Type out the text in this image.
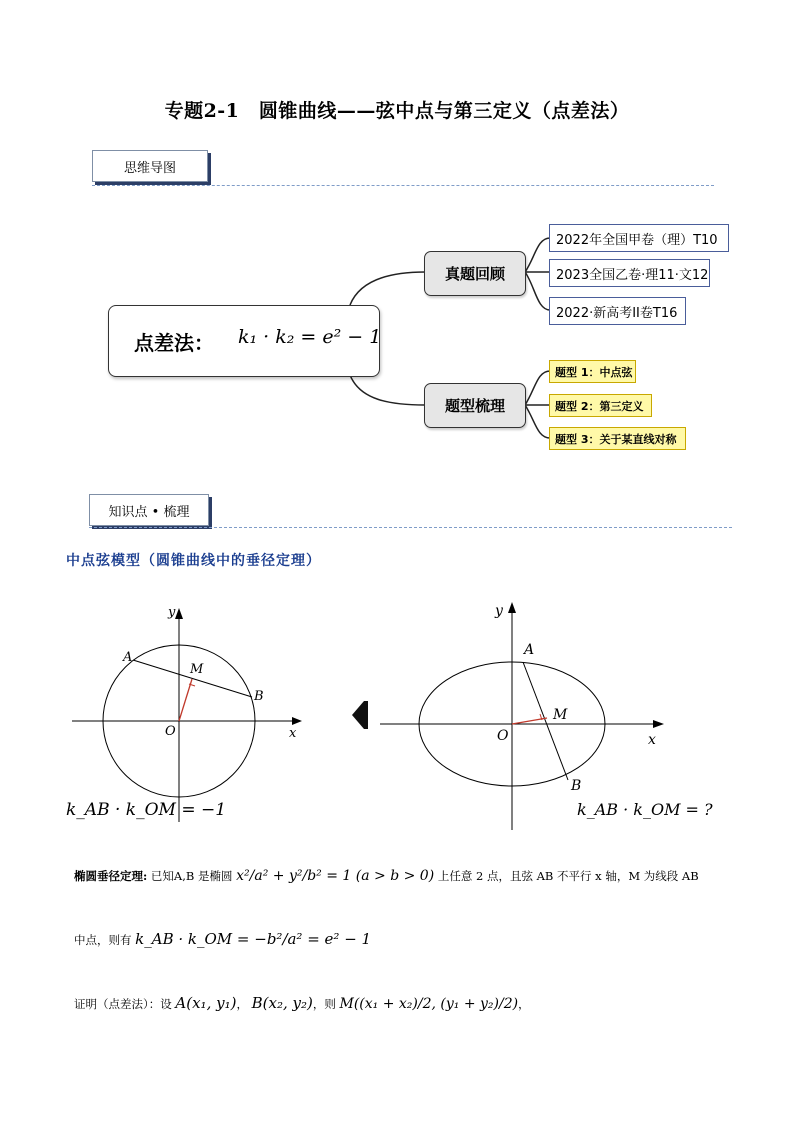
专题2-1　圆锥曲线——弦中点与第三定义（点差法）
思维导图
点差法： k₁ · k₂ = e² − 1
真题回顾
题型梳理
2022年全国甲卷（理）T10
2023全国乙卷·理11·文12
2022·新高考II卷T16
题型 1：中点弦
题型 2：第三定义
题型 3：关于某直线对称
知识点 • 梳理
中点弦模型（圆锥曲线中的垂径定理）
A
M
B
O	x
y
k_AB · k_OM = −1
A
M
B
O	x
y
k_AB · k_OM = ?
椭圆垂径定理: 已知A,B 是椭圆 x²/a² + y²/b² = 1 (a > b > 0) 上任意 2 点，且弦 AB 不平行 x 轴，M 为线段 AB
中点，则有 k_AB · k_OM = −b²/a² = e² − 1
证明（点差法）：设 A(x₁, y₁)， B(x₂, y₂)，则 M((x₁ + x₂)/2, (y₁ + y₂)/2)，
